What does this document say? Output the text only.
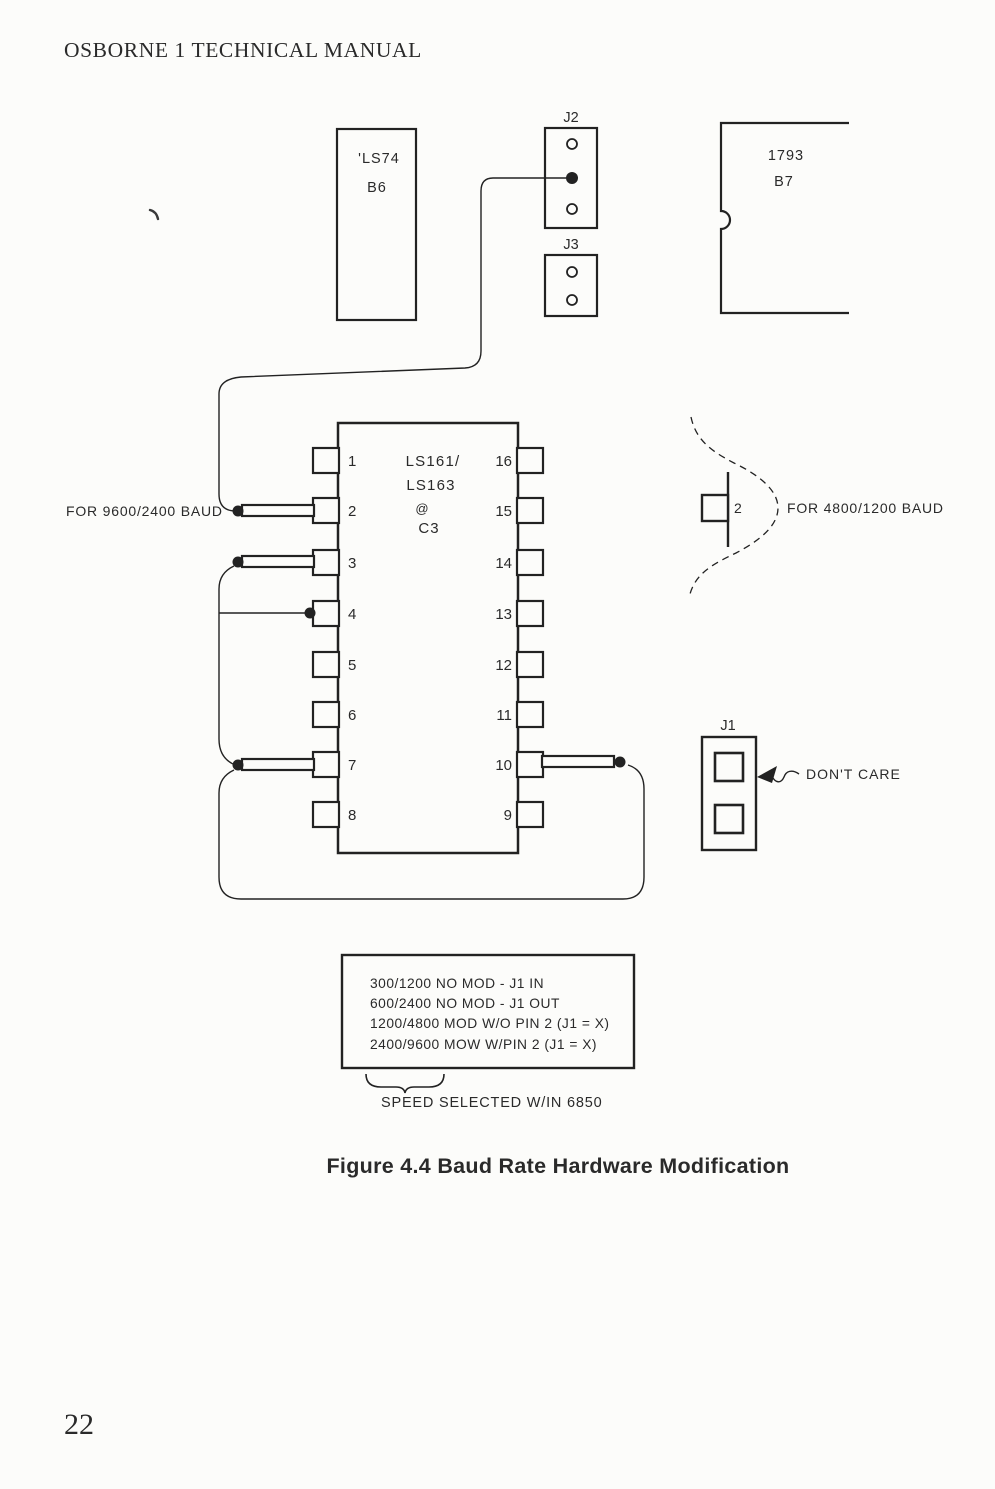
OSBORNE 1 TECHNICAL MANUAL
'LS74
B6
J2
J3
1793
B7
1
2
3
4
5
6
7
8
16
15
14
13
12
11
10
9
LS161/
LS163
@
C3
FOR 9600/2400 BAUD	2	FOR 4800/1200 BAUD
J1
DON'T CARE
300/1200 NO MOD - J1 IN
600/2400 NO MOD - J1 OUT
1200/4800 MOD W/O PIN 2 (J1 = X)
2400/9600 MOW W/PIN 2 (J1 = X)
SPEED SELECTED W/IN 6850
Figure 4.4 Baud Rate Hardware Modification
22
